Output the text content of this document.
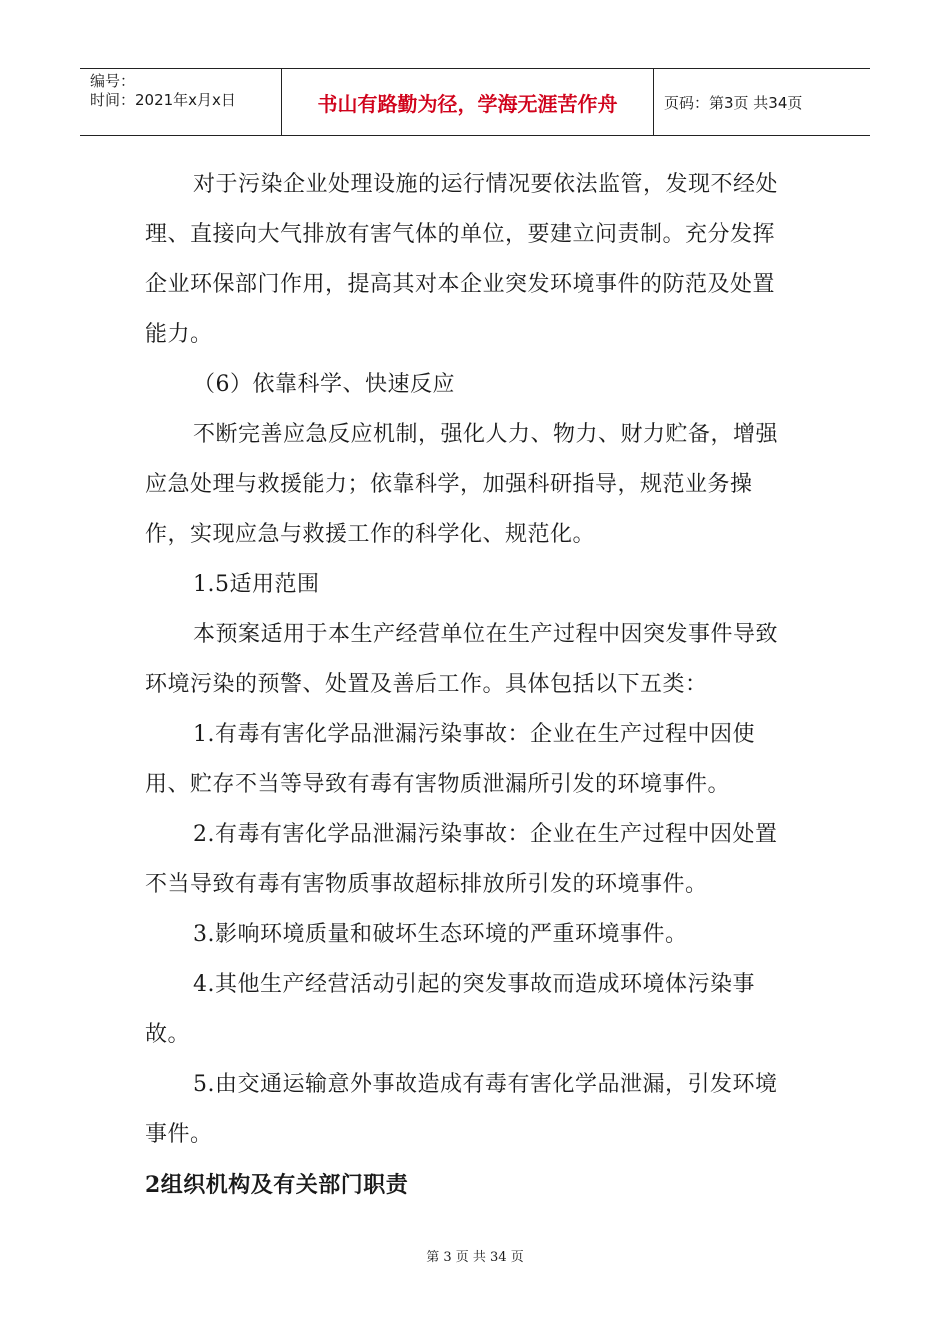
编号：
时间：2021年x月x日	书山有路勤为径，学海无涯苦作舟	页码：第3页 共34页

对于污染企业处理设施的运行情况要依法监管，发现不经处理、直接向大气排放有害气体的单位，要建立问责制。充分发挥企业环保部门作用，提高其对本企业突发环境事件的防范及处置能力。

（6）依靠科学、快速反应

不断完善应急反应机制，强化人力、物力、财力贮备，增强应急处理与救援能力；依靠科学，加强科研指导，规范业务操作，实现应急与救援工作的科学化、规范化。

1.5适用范围

本预案适用于本生产经营单位在生产过程中因突发事件导致环境污染的预警、处置及善后工作。具体包括以下五类：

1.有毒有害化学品泄漏污染事故：企业在生产过程中因使用、贮存不当等导致有毒有害物质泄漏所引发的环境事件。

2.有毒有害化学品泄漏污染事故：企业在生产过程中因处置不当导致有毒有害物质事故超标排放所引发的环境事件。

3.影响环境质量和破坏生态环境的严重环境事件。

4.其他生产经营活动引起的突发事故而造成环境体污染事故。

5.由交通运输意外事故造成有毒有害化学品泄漏，引发环境事件。

2组织机构及有关部门职责

第 3 页 共 34 页
